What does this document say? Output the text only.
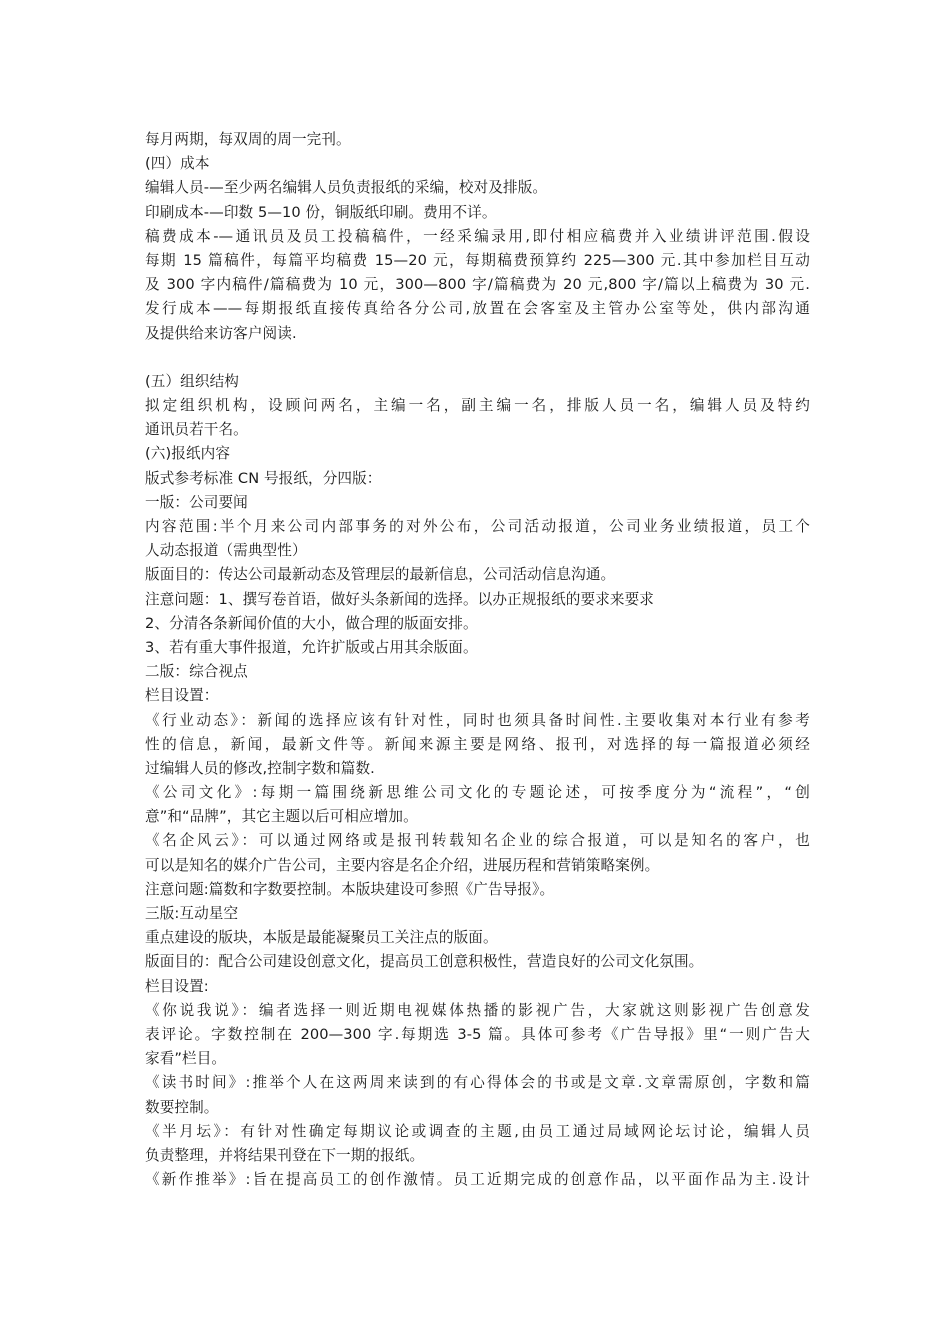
每月两期，每双周的周一完刊。
(四）成本
编辑人员-—至少两名编辑人员负责报纸的采编，校对及排版。
印刷成本-—印数 5—10 份，铜版纸印刷。费用不详。
稿费成本-—通讯员及员工投稿稿件，一经采编录用,即付相应稿费并入业绩讲评范围.假设
每期 15 篇稿件，每篇平均稿费 15—20 元，每期稿费预算约 225—300 元.其中参加栏目互动
及 300 字内稿件/篇稿费为 10 元，300—800 字/篇稿费为 20 元,800 字/篇以上稿费为 30 元.
发行成本——每期报纸直接传真给各分公司,放置在会客室及主管办公室等处，供内部沟通
及提供给来访客户阅读.
(五）组织结构
拟定组织机构，设顾问两名，主编一名，副主编一名，排版人员一名，编辑人员及特约
通讯员若干名。
(六)报纸内容
版式参考标准 CN 号报纸，分四版：
一版：公司要闻
内容范围:半个月来公司内部事务的对外公布，公司活动报道，公司业务业绩报道，员工个
人动态报道（需典型性）
版面目的：传达公司最新动态及管理层的最新信息，公司活动信息沟通。
注意问题：1、撰写卷首语，做好头条新闻的选择。以办正规报纸的要求来要求
2、分清各条新闻价值的大小，做合理的版面安排。
3、若有重大事件报道，允许扩版或占用其余版面。
二版：综合视点
栏目设置：
《行业动态》：新闻的选择应该有针对性，同时也须具备时间性.主要收集对本行业有参考
性的信息，新闻，最新文件等。新闻来源主要是网络、报刊，对选择的每一篇报道必须经
过编辑人员的修改,控制字数和篇数.
《公司文化》:每期一篇围绕新思维公司文化的专题论述，可按季度分为“流程”，“创
意”和“品牌”，其它主题以后可相应增加。
《名企风云》：可以通过网络或是报刊转载知名企业的综合报道，可以是知名的客户，也
可以是知名的媒介广告公司，主要内容是名企介绍，进展历程和营销策略案例。
注意问题:篇数和字数要控制。本版块建设可参照《广告导报》。
三版:互动星空
重点建设的版块，本版是最能凝聚员工关注点的版面。
版面目的：配合公司建设创意文化，提高员工创意积极性，营造良好的公司文化氛围。
栏目设置:
《你说我说》：编者选择一则近期电视媒体热播的影视广告，大家就这则影视广告创意发
表评论。字数控制在 200—300 字.每期选 3-5 篇。具体可参考《广告导报》里“一则广告大
家看”栏目。
《读书时间》:推举个人在这两周来读到的有心得体会的书或是文章.文章需原创，字数和篇
数要控制。
《半月坛》：有针对性确定每期议论或调查的主题,由员工通过局域网论坛讨论，编辑人员
负责整理，并将结果刊登在下一期的报纸。
《新作推举》:旨在提高员工的创作激情。员工近期完成的创意作品，以平面作品为主.设计
